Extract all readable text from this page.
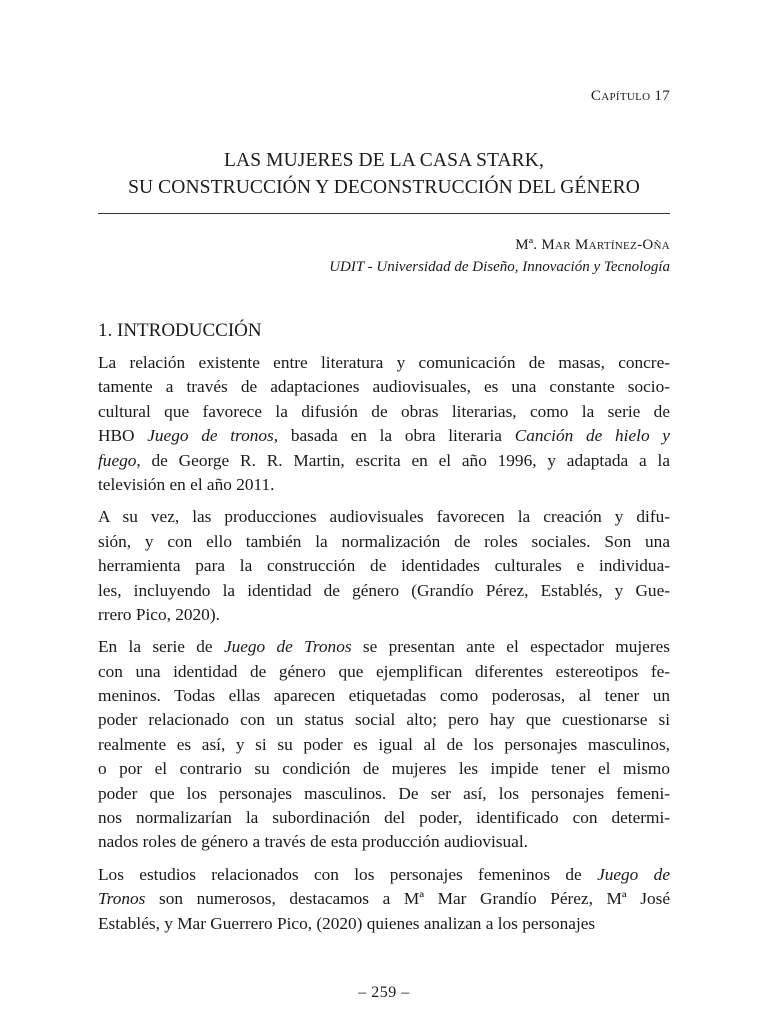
Capítulo 17
LAS MUJERES DE LA CASA STARK,
SU CONSTRUCCIÓN Y DECONSTRUCCIÓN DEL GÉNERO
Mª. Mar Martínez-Oña
UDIT - Universidad de Diseño, Innovación y Tecnología
1. INTRODUCCIÓN
La relación existente entre literatura y comunicación de masas, concre-
tamente a través de adaptaciones audiovisuales, es una constante socio-
cultural que favorece la difusión de obras literarias, como la serie de
HBO Juego de tronos, basada en la obra literaria Canción de hielo y
fuego, de George R. R. Martin, escrita en el año 1996, y adaptada a la
televisión en el año 2011.
A su vez, las producciones audiovisuales favorecen la creación y difu-
sión, y con ello también la normalización de roles sociales. Son una
herramienta para la construcción de identidades culturales e individua-
les, incluyendo la identidad de género (Grandío Pérez, Establés, y Gue-
rrero Pico, 2020).
En la serie de Juego de Tronos se presentan ante el espectador mujeres
con una identidad de género que ejemplifican diferentes estereotipos fe-
meninos. Todas ellas aparecen etiquetadas como poderosas, al tener un
poder relacionado con un status social alto; pero hay que cuestionarse si
realmente es así, y si su poder es igual al de los personajes masculinos,
o por el contrario su condición de mujeres les impide tener el mismo
poder que los personajes masculinos. De ser así, los personajes femeni-
nos normalizarían la subordinación del poder, identificado con determi-
nados roles de género a través de esta producción audiovisual.
Los estudios relacionados con los personajes femeninos de Juego de
Tronos son numerosos, destacamos a Mª Mar Grandío Pérez, Mª José
Establés, y Mar Guerrero Pico, (2020) quienes analizan a los personajes
– 259 –
